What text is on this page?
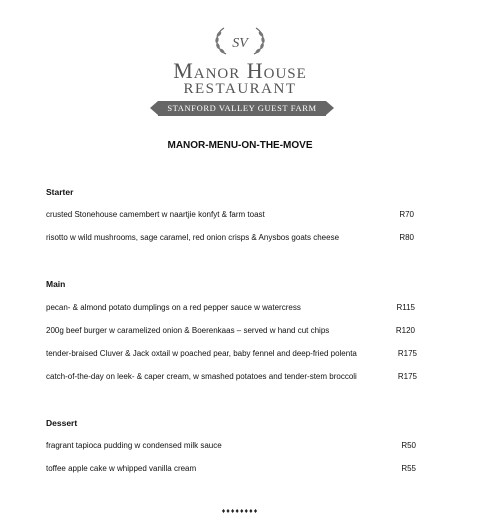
SV
Manor House
RESTAURANT
STANFORD VALLEY GUEST FARM
MANOR-MENU-ON-THE-MOVE
Starter
crusted Stonehouse camembert w naartjie konfyt & farm toast	R70
risotto w wild mushrooms, sage caramel, red onion crisps & Anysbos goats cheese	R80
Main
pecan- & almond potato dumplings on a red pepper sauce w watercress	R115
200g beef burger w caramelized onion & Boerenkaas – served w hand cut chips	R120
tender-braised Cluver & Jack oxtail w poached pear, baby fennel and deep-fried polenta	R175
catch-of-the-day on leek- & caper cream, w smashed potatoes and tender-stem broccoli	R175
Dessert
fragrant tapioca pudding w condensed milk sauce	R50
toffee apple cake w whipped vanilla cream	R55
♦♦♦♦♦♦♦♦
